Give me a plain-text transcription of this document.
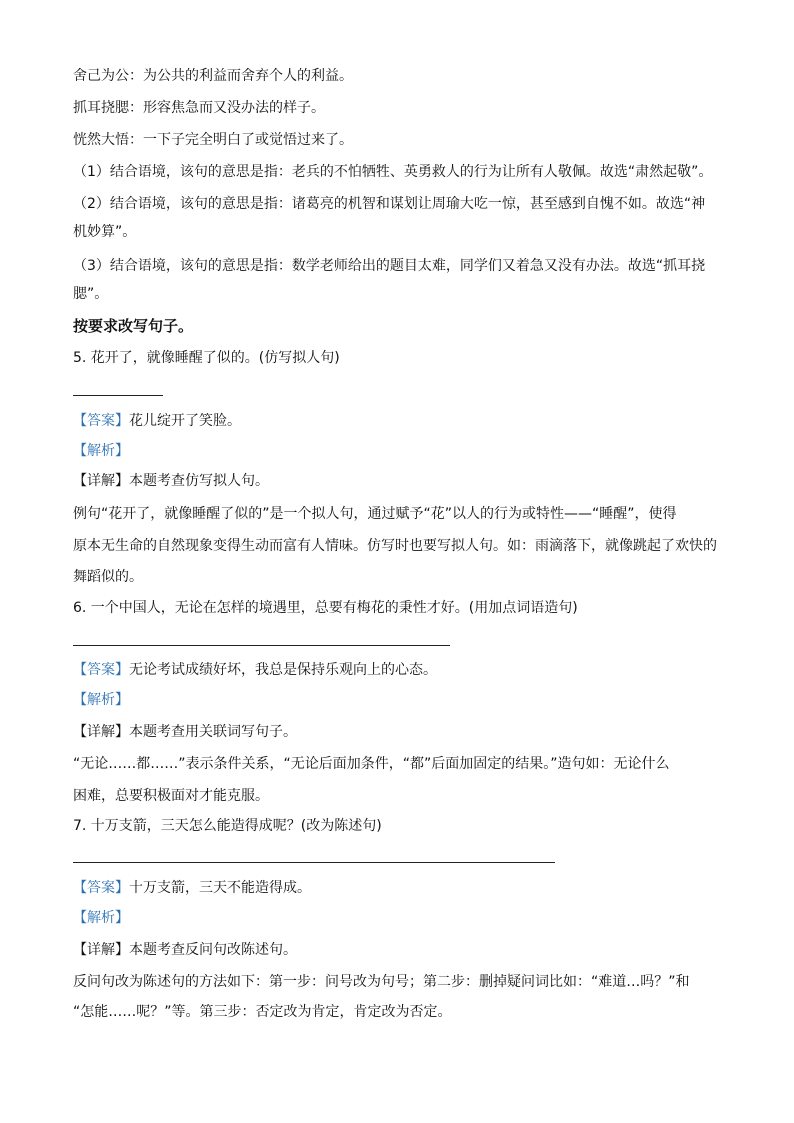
舍己为公：为公共的利益而舍弃个人的利益。
抓耳挠腮：形容焦急而又没办法的样子。
恍然大悟：一下子完全明白了或觉悟过来了。
（1）结合语境，该句的意思是指：老兵的不怕牺牲、英勇救人的行为让所有人敬佩。故选“肃然起敬”。
（2）结合语境，该句的意思是指：诸葛亮的机智和谋划让周瑜大吃一惊，甚至感到自愧不如。故选“神
机妙算”。
（3）结合语境，该句的意思是指：数学老师给出的题目太难，同学们又着急又没有办法。故选“抓耳挠
腮”。
按要求改写句子。
5. 花开了，就像睡醒了似的。(仿写拟人句)
【答案】花儿绽开了笑脸。
【解析】
【详解】本题考查仿写拟人句。
例句“花开了，就像睡醒了似的”是一个拟人句，通过赋予“花”以人的行为或特性——“睡醒”，使得
原本无生命的自然现象变得生动而富有人情味。仿写时也要写拟人句。如：雨滴落下，就像跳起了欢快的
舞蹈似的。
6. 一个中国人，无论在怎样的境遇里，总要有梅花的秉性才好。(用加点词语造句)
【答案】无论考试成绩好坏，我总是保持乐观向上的心态。
【解析】
【详解】本题考查用关联词写句子。
“无论……都……”表示条件关系，“无论后面加条件，“都”后面加固定的结果。”造句如：无论什么
困难，总要积极面对才能克服。
7. 十万支箭，三天怎么能造得成呢？(改为陈述句)
【答案】十万支箭，三天不能造得成。
【解析】
【详解】本题考查反问句改陈述句。
反问句改为陈述句的方法如下：第一步：问号改为句号；第二步：删掉疑问词比如：“难道…吗？”和
“怎能……呢？”等。第三步：否定改为肯定，肯定改为否定。
